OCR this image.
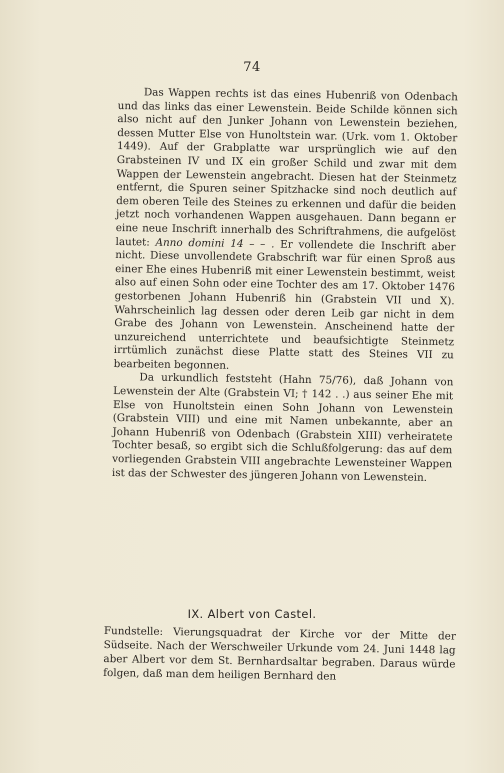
74

Das Wappen rechts ist das eines Hubenriß von Odenbach und das links das einer Lewenstein. Beide Schilde können sich also nicht auf den Junker Johann von Lewenstein beziehen, dessen Mutter Else von Hunoltstein war. (Urk. vom 1. Oktober 1449). Auf der Grabplatte war ursprünglich wie auf den Grabsteinen IV und IX ein großer Schild und zwar mit dem Wappen der Lewenstein angebracht. Diesen hat der Steinmetz entfernt, die Spuren seiner Spitzhacke sind noch deutlich auf dem oberen Teile des Steines zu erkennen und dafür die beiden jetzt noch vorhandenen Wappen ausgehauen. Dann begann er eine neue Inschrift innerhalb des Schriftrahmens, die aufgelöst lautet: Anno domini 14 – – . Er vollendete die Inschrift aber nicht. Diese unvollendete Grabschrift war für einen Sproß aus einer Ehe eines Hubenriß mit einer Lewenstein bestimmt, weist also auf einen Sohn oder eine Tochter des am 17. Oktober 1476 gestorbenen Johann Hubenriß hin (Grabstein VII und X). Wahrscheinlich lag dessen oder deren Leib gar nicht in dem Grabe des Johann von Lewenstein. Anscheinend hatte der unzureichend unterrichtete und beaufsichtigte Steinmetz irrtümlich zunächst diese Platte statt des Steines VII zu bearbeiten begonnen.

Da urkundlich feststeht (Hahn 75/76), daß Johann von Lewenstein der Alte (Grabstein VI; † 142 . .) aus seiner Ehe mit Else von Hunoltstein einen Sohn Johann von Lewenstein (Grabstein VIII) und eine mit Namen unbekannte, aber an Johann Hubenriß von Odenbach (Grabstein XIII) verheiratete Tochter besaß, so ergibt sich die Schlußfolgerung: das auf dem vorliegenden Grabstein VIII angebrachte Lewensteiner Wappen ist das der Schwester des jüngeren Johann von Lewenstein.

IX. Albert von Castel.

Fundstelle: Vierungsquadrat der Kirche vor der Mitte der Südseite. Nach der Werschweiler Urkunde vom 24. Juni 1448 lag aber Albert vor dem St. Bernhardsaltar begraben. Daraus würde folgen, daß man dem heiligen Bernhard den
